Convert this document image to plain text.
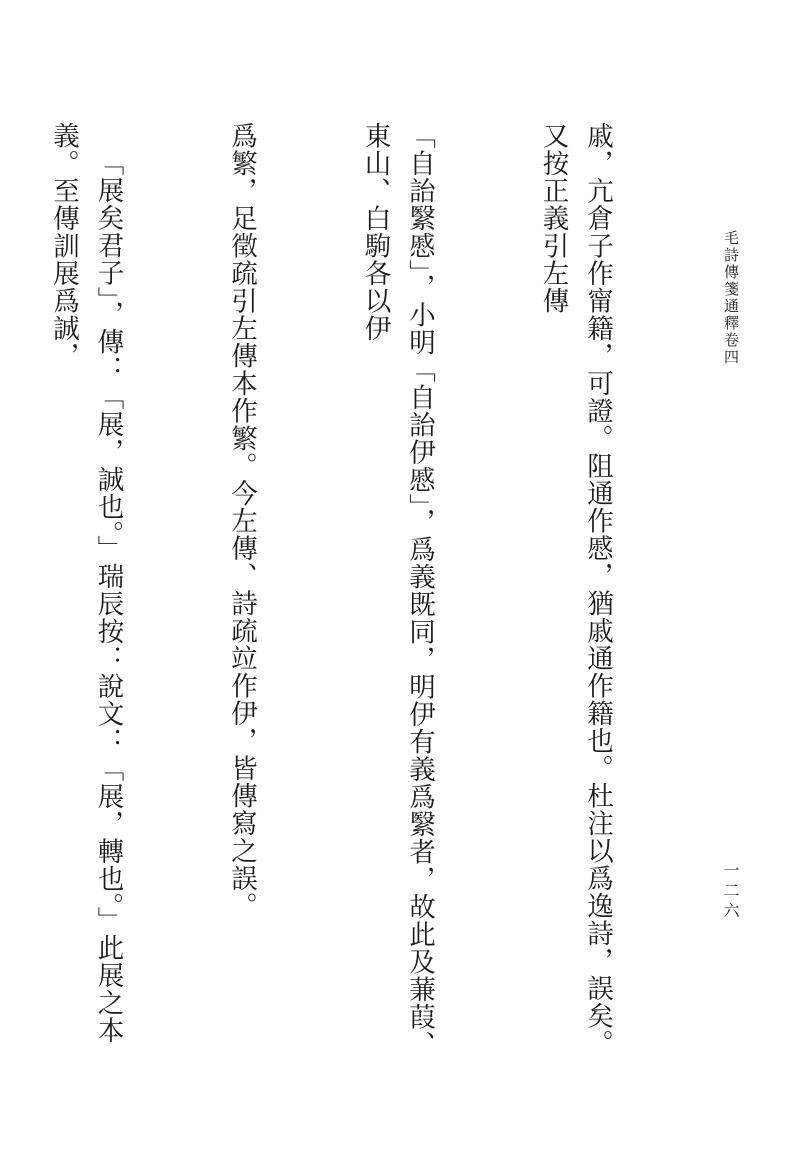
毛詩傳箋通釋卷四
一二六

戚，亢倉子作甯籍，可證。阻通作慼，猶戚通作籍也。杜注以爲逸詩，誤矣。又按正義引左傳

「自詒繄慼」，小明「自詒伊慼」，爲義既同，明伊有義爲繄者，故此及蒹葭、東山、白駒各以伊

爲繁，足徵疏引左傳本作繁。今左傳、詩疏竝作伊，皆傳寫之誤。

「展矣君子」，傳：「展，誠也。」瑞辰按：說文：「展，轉也。」此展之本義。至傳訓展爲誠，
